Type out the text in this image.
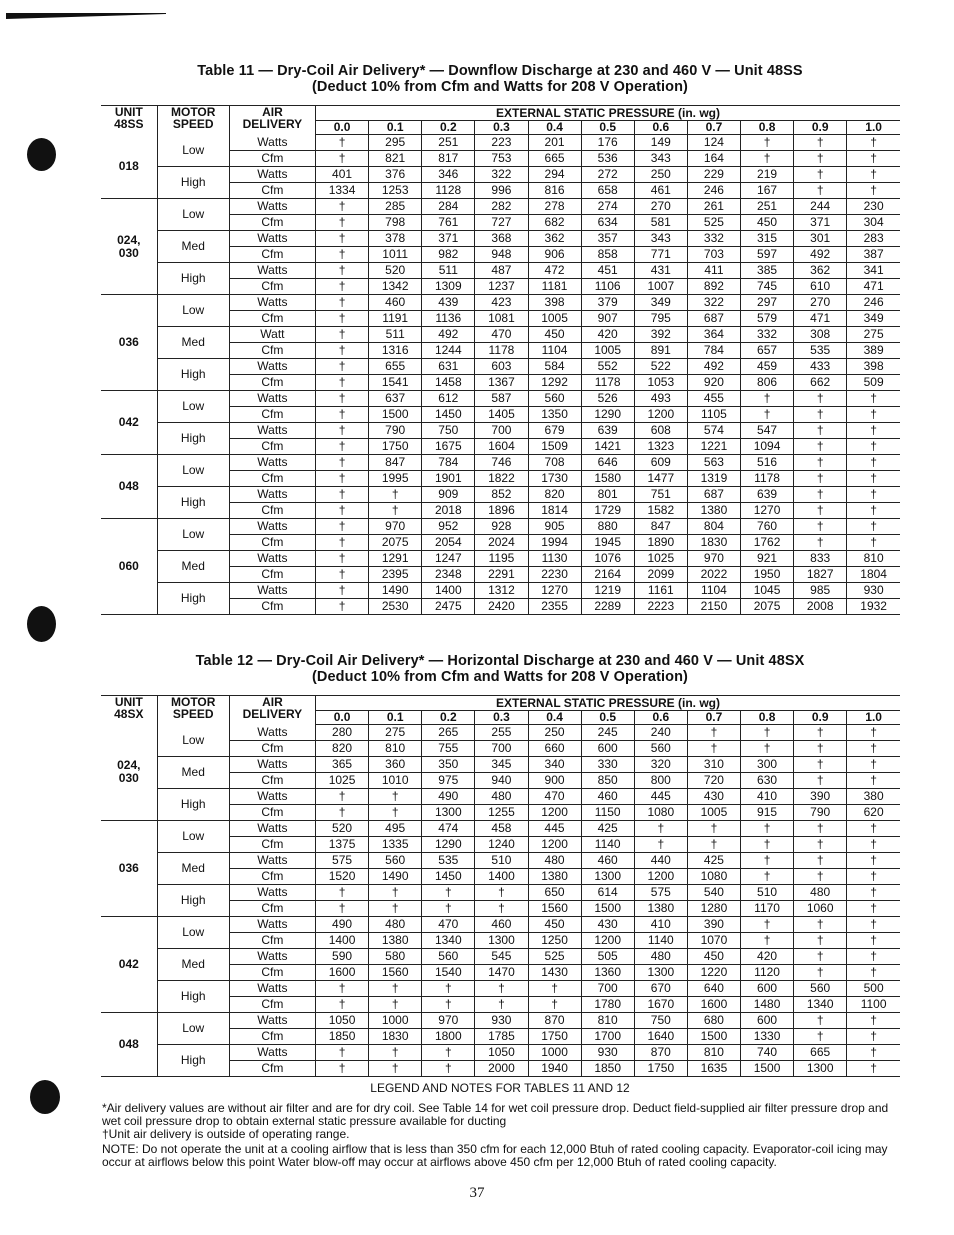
Table 11 — Dry-Coil Air Delivery* — Downflow Discharge at 230 and 460 V — Unit 48SS
(Deduct 10% from Cfm and Watts for 208 V Operation)
UNIT
48SS	MOTOR
SPEED	AIR
DELIVERY	EXTERNAL STATIC PRESSURE (in. wg)										
			0.0	0.1	0.2	0.3	0.4	0.5	0.6	0.7	0.8	0.9	1.0
018	Low	Watts	†	295	251	223	201	176	149	124	†	†	†
		Cfm	†	821	817	753	665	536	343	164	†	†	†
	High	Watts	401	376	346	322	294	272	250	229	219	†	†
		Cfm	1334	1253	1128	996	816	658	461	246	167	†	†
024,
030	Low	Watts	†	285	284	282	278	274	270	261	251	244	230
		Cfm	†	798	761	727	682	634	581	525	450	371	304
	Med	Watts	†	378	371	368	362	357	343	332	315	301	283
		Cfm	†	1011	982	948	906	858	771	703	597	492	387
	High	Watts	†	520	511	487	472	451	431	411	385	362	341
		Cfm	†	1342	1309	1237	1181	1106	1007	892	745	610	471
036	Low	Watts	†	460	439	423	398	379	349	322	297	270	246
		Cfm	†	1191	1136	1081	1005	907	795	687	579	471	349
	Med	Watt	†	511	492	470	450	420	392	364	332	308	275
		Cfm	†	1316	1244	1178	1104	1005	891	784	657	535	389
	High	Watts	†	655	631	603	584	552	522	492	459	433	398
		Cfm	†	1541	1458	1367	1292	1178	1053	920	806	662	509
042	Low	Watts	†	637	612	587	560	526	493	455	†	†	†
		Cfm	†	1500	1450	1405	1350	1290	1200	1105	†	†	†
	High	Watts	†	790	750	700	679	639	608	574	547	†	†
		Cfm	†	1750	1675	1604	1509	1421	1323	1221	1094	†	†
048	Low	Watts	†	847	784	746	708	646	609	563	516	†	†
		Cfm	†	1995	1901	1822	1730	1580	1477	1319	1178	†	†
	High	Watts	†	†	909	852	820	801	751	687	639	†	†
		Cfm	†	†	2018	1896	1814	1729	1582	1380	1270	†	†
060	Low	Watts	†	970	952	928	905	880	847	804	760	†	†
		Cfm	†	2075	2054	2024	1994	1945	1890	1830	1762	†	†
	Med	Watts	†	1291	1247	1195	1130	1076	1025	970	921	833	810
		Cfm	†	2395	2348	2291	2230	2164	2099	2022	1950	1827	1804
	High	Watts	†	1490	1400	1312	1270	1219	1161	1104	1045	985	930
		Cfm	†	2530	2475	2420	2355	2289	2223	2150	2075	2008	1932
Table 12 — Dry-Coil Air Delivery* — Horizontal Discharge at 230 and 460 V — Unit 48SX
(Deduct 10% from Cfm and Watts for 208 V Operation)
UNIT
48SX	MOTOR
SPEED	AIR
DELIVERY	EXTERNAL STATIC PRESSURE (in. wg)										
			0.0	0.1	0.2	0.3	0.4	0.5	0.6	0.7	0.8	0.9	1.0
024,
030	Low	Watts	280	275	265	255	250	245	240	†	†	†	†
		Cfm	820	810	755	700	660	600	560	†	†	†	†
	Med	Watts	365	360	350	345	340	330	320	310	300	†	†
		Cfm	1025	1010	975	940	900	850	800	720	630	†	†
	High	Watts	†	†	490	480	470	460	445	430	410	390	380
		Cfm	†	†	1300	1255	1200	1150	1080	1005	915	790	620
036	Low	Watts	520	495	474	458	445	425	†	†	†	†	†
		Cfm	1375	1335	1290	1240	1200	1140	†	†	†	†	†
	Med	Watts	575	560	535	510	480	460	440	425	†	†	†
		Cfm	1520	1490	1450	1400	1380	1300	1200	1080	†	†	†
	High	Watts	†	†	†	†	650	614	575	540	510	480	†
		Cfm	†	†	†	†	1560	1500	1380	1280	1170	1060	†
042	Low	Watts	490	480	470	460	450	430	410	390	†	†	†
		Cfm	1400	1380	1340	1300	1250	1200	1140	1070	†	†	†
	Med	Watts	590	580	560	545	525	505	480	450	420	†	†
		Cfm	1600	1560	1540	1470	1430	1360	1300	1220	1120	†	†
	High	Watts	†	†	†	†	†	700	670	640	600	560	500
		Cfm	†	†	†	†	†	1780	1670	1600	1480	1340	1100
048	Low	Watts	1050	1000	970	930	870	810	750	680	600	†	†
		Cfm	1850	1830	1800	1785	1750	1700	1640	1500	1330	†	†
	High	Watts	†	†	†	1050	1000	930	870	810	740	665	†
		Cfm	†	†	†	2000	1940	1850	1750	1635	1500	1300	†
LEGEND AND NOTES FOR TABLES 11 AND 12
*Air delivery values are without air filter and are for dry coil. See Table 14 for wet coil pressure drop. Deduct field-supplied air filter pressure drop and wet coil pressure drop to obtain external static pressure available for ducting
†Unit air delivery is outside of operating range.
NOTE: Do not operate the unit at a cooling airflow that is less than 350 cfm for each 12,000 Btuh of rated cooling capacity. Evaporator-coil icing may occur at airflows below this point Water blow-off may occur at airflows above 450 cfm per 12,000 Btuh of rated cooling capacity.
37
